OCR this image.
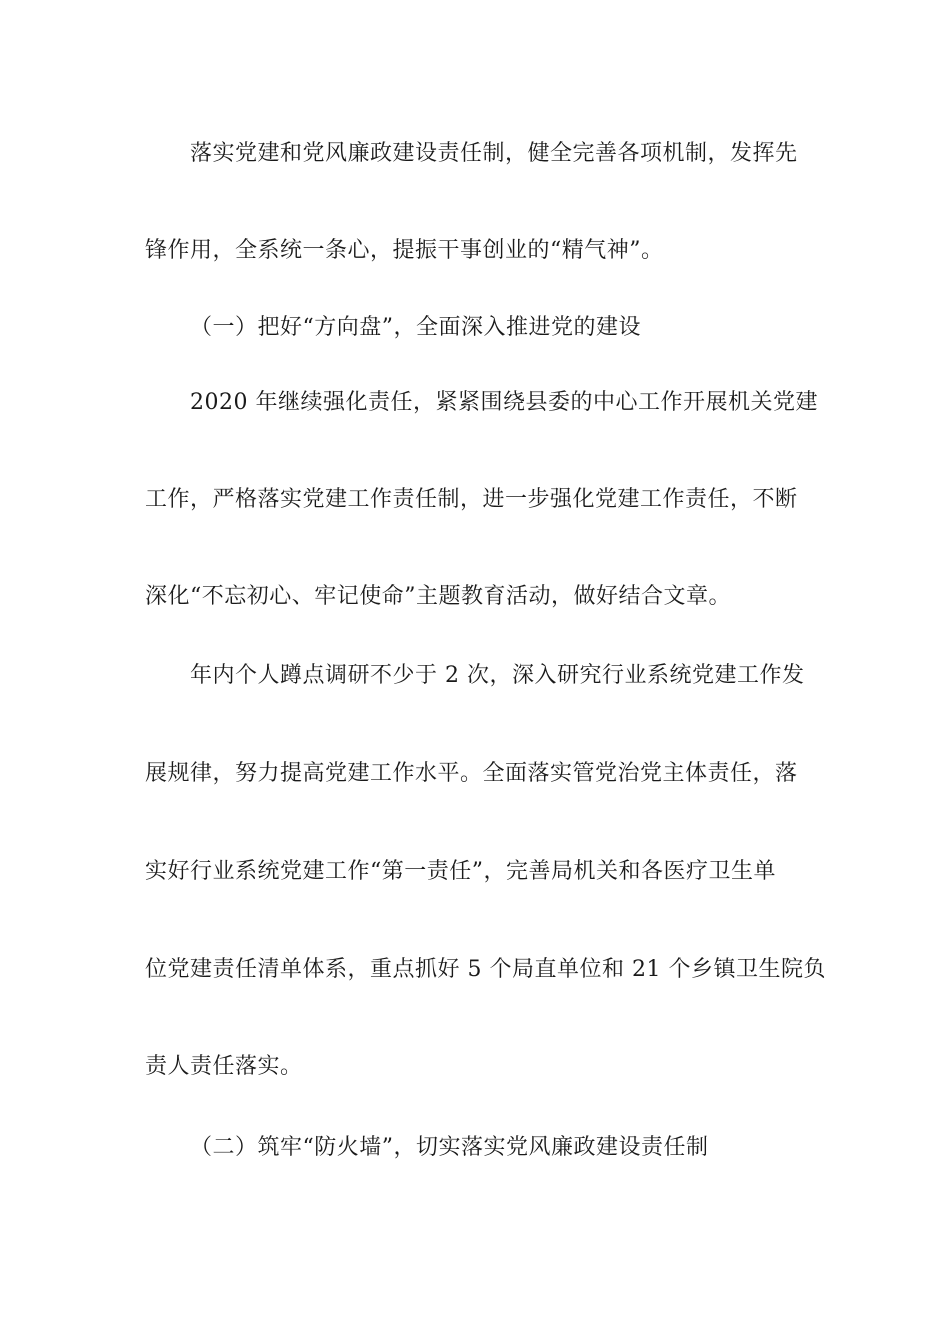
落实党建和党风廉政建设责任制，健全完善各项机制，发挥先
锋作用，全系统一条心，提振干事创业的“精气神”。
（一）把好“方向盘”，全面深入推进党的建设
2020 年继续强化责任，紧紧围绕县委的中心工作开展机关党建
工作，严格落实党建工作责任制，进一步强化党建工作责任，不断
深化“不忘初心、牢记使命”主题教育活动，做好结合文章。
年内个人蹲点调研不少于 2 次，深入研究行业系统党建工作发
展规律，努力提高党建工作水平。全面落实管党治党主体责任，落
实好行业系统党建工作“第一责任”，完善局机关和各医疗卫生单
位党建责任清单体系，重点抓好 5 个局直单位和 21 个乡镇卫生院负
责人责任落实。
（二）筑牢“防火墙”，切实落实党风廉政建设责任制
